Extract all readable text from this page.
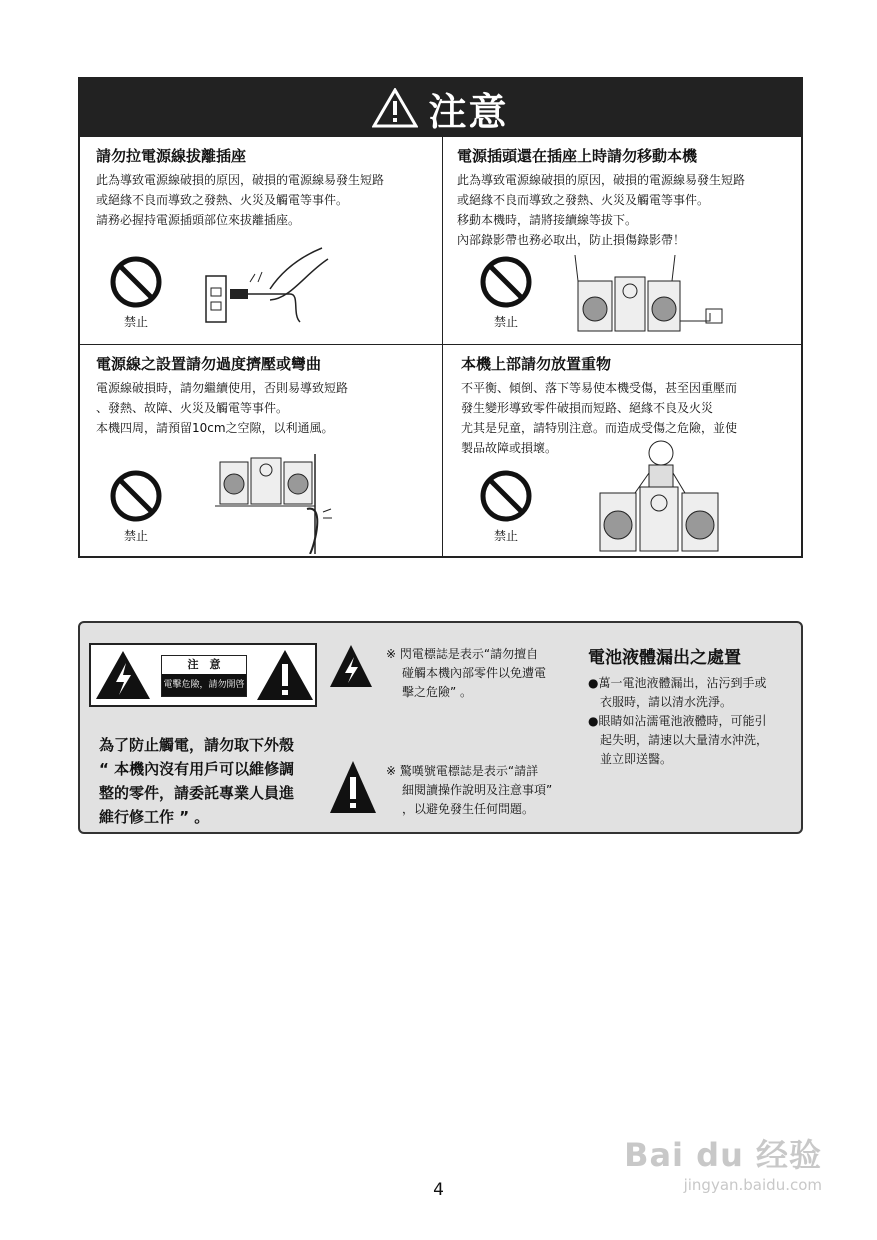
注意
請勿拉電源線拔離插座

此為導致電源線破損的原因，破損的電源線易發生短路

或絕緣不良而導致之發熱、火災及觸電等事件。

請務必握持電源插頭部位來拔離插座。

禁止
電源插頭還在插座上時請勿移動本機

此為導致電源線破損的原因，破損的電源線易發生短路

或絕緣不良而導致之發熱、火災及觸電等事件。

移動本機時，請將接續線等拔下。

內部錄影帶也務必取出，防止損傷錄影帶！

禁止
電源線之設置請勿過度擠壓或彎曲

電源線破損時，請勿繼續使用，否則易導致短路

、發熱、故障、火災及觸電等事件。

本機四周，請預留10cm之空隙，以利通風。

禁止
本機上部請勿放置重物

不平衡、傾倒、落下等易使本機受傷，甚至因重壓而

發生變形導致零件破損而短路、絕緣不良及火災

尤其是兒童，請特別注意。而造成受傷之危險，並使

製品故障或損壞。

禁止
注　意
電擊危險，請勿開啓
為了防止觸電，請勿取下外殼
“ 本機內沒有用戶可以維修調
整的零件，請委託專業人員進
維行修工作 ” 。
※ 閃電標誌是表示“請勿擅自
碰觸本機內部零件以免遭電
擊之危險” 。
※ 驚嘆號電標誌是表示“請詳
細閱讀操作說明及注意事項”
，以避免發生任何問題。
電池液體漏出之處置
●萬一電池液體漏出，沾污到手或
衣服時，請以清水洗淨。
●眼睛如沾濡電池液體時，可能引
起失明，請速以大量清水沖洗，
並立即送醫。
Bai du 经验
jingyan.baidu.com
4
